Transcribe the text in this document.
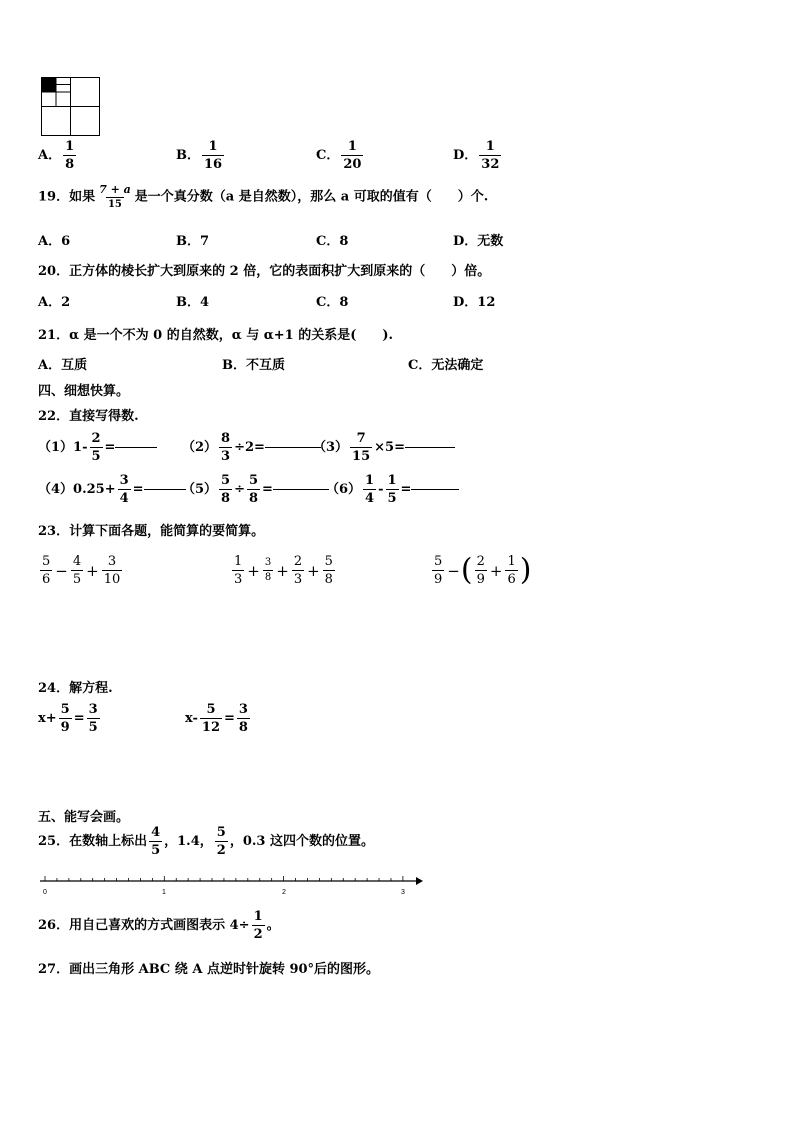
A． $\frac{1}{8}$	B． $\frac{1}{16}$	C． $\frac{1}{20}$	D． $\frac{1}{32}$
19．如果 $\frac{7 + a}{15}$ 是一个真分数（a 是自然数），那么 a 可取的值有（　　）个.
A．6	B．7	C．8	D．无数
20．正方体的棱长扩大到原来的 2 倍，它的表面积扩大到原来的（　　）倍。
A．2	B．4	C．8	D．12
21．α 是一个不为 0 的自然数，α 与 α+1 的关系是(　　).
A．互质	B．不互质	C．无法确定
四、细想快算。
22．直接写得数.
$(1)1- \frac{2}{5}$ =	$(2) \frac{8}{3} \div 2=$	$(3) \frac{7}{15} \times 5=$
$(4)0.25+ \frac{3}{4}$ =	$(5) \frac{5}{8} \div \frac{5}{8}$ =	$(6) \frac{1}{4} - \frac{1}{5}$ =
23．计算下面各题，能简算的要简算。
$\frac{5}{6} - \frac{4}{5} + \frac{3}{10}$	$\frac{1}{3} + \frac{3}{8} + \frac{2}{3} + \frac{5}{8}$	$\frac{5}{9}$ −( $\frac{2}{9} + \frac{1}{6}$ )
24．解方程.
$x+ \frac{5}{9} = \frac{3}{5}$	$x- \frac{5}{12} = \frac{3}{8}$
五、能写会画。
25．在数轴上标出 $\frac{4}{5}$ ，1.4， $\frac{5}{2}$ ，0.3 这四个数的位置。
0	1	2	3
26．用自己喜欢的方式画图表示 $4\div \frac{1}{2}$ 。
27．画出三角形 ABC 绕 A 点逆时针旋转 90°后的图形。
